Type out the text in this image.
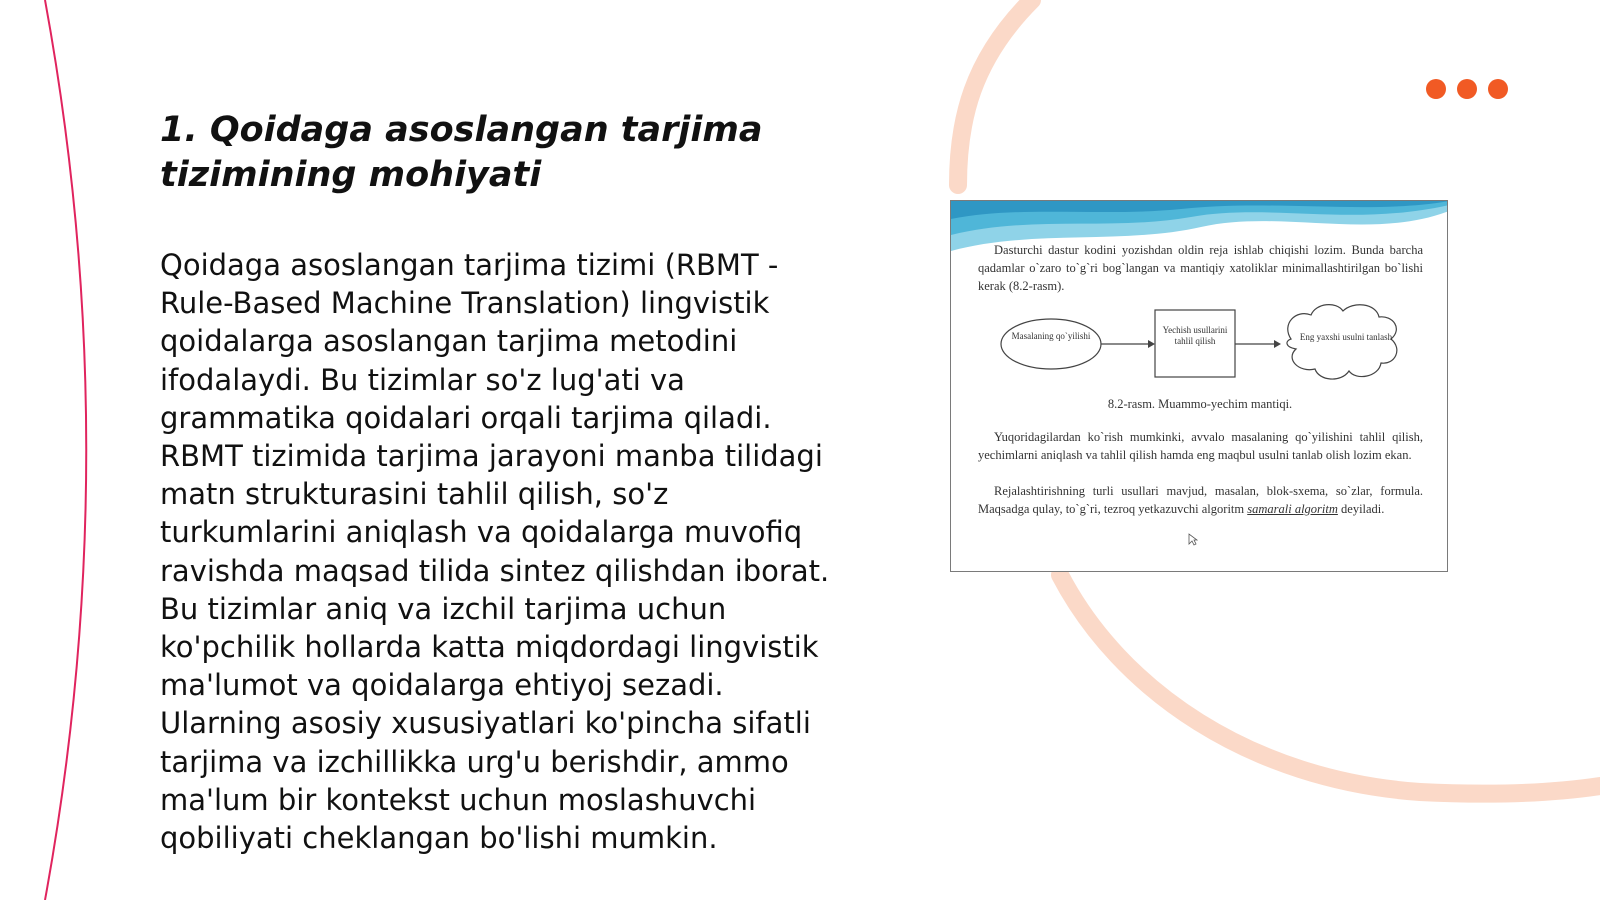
1. Qoidaga asoslangan tarjima tizimining mohiyati

Qoidaga asoslangan tarjima tizimi (RBMT - Rule-Based Machine Translation) lingvistik qoidalarga asoslangan tarjima metodini ifodalaydi. Bu tizimlar so'z lug'ati va grammatika qoidalari orqali tarjima qiladi. RBMT tizimida tarjima jarayoni manba tilidagi matn strukturasini tahlil qilish, so'z turkumlarini aniqlash va qoidalarga muvofiq ravishda maqsad tilida sintez qilishdan iborat. Bu tizimlar aniq va izchil tarjima uchun ko'pchilik hollarda katta miqdordagi lingvistik ma'lumot va qoidalarga ehtiyoj sezadi. Ularning asosiy xususiyatlari ko'pincha sifatli tarjima va izchillikka urg'u berishdir, ammo ma'lum bir kontekst uchun moslashuvchi qobiliyati cheklangan bo'lishi mumkin.

Dasturchi dastur kodini yozishdan oldin reja ishlab chiqishi lozim. Bunda barcha qadamlar o`zaro to`g`ri bog`langan va mantiqiy xatoliklar minimallashtirilgan bo`lishi kerak (8.2-rasm).

Masalaning qo`yilishi
Yechish usullarini tahlil qilish	Eng yaxshi usulni tanlash

8.2-rasm. Muammo-yechim mantiqi.

Yuqoridagilardan ko`rish mumkinki, avvalo masalaning qo`yilishini tahlil qilish, yechimlarni aniqlash va tahlil qilish hamda eng maqbul usulni tanlab olish lozim ekan.

Rejalashtirishning turli usullari mavjud, masalan, blok-sxema, so`zlar, formula. Maqsadga qulay, to`g`ri, tezroq yetkazuvchi algoritm samarali algoritm deyiladi.
